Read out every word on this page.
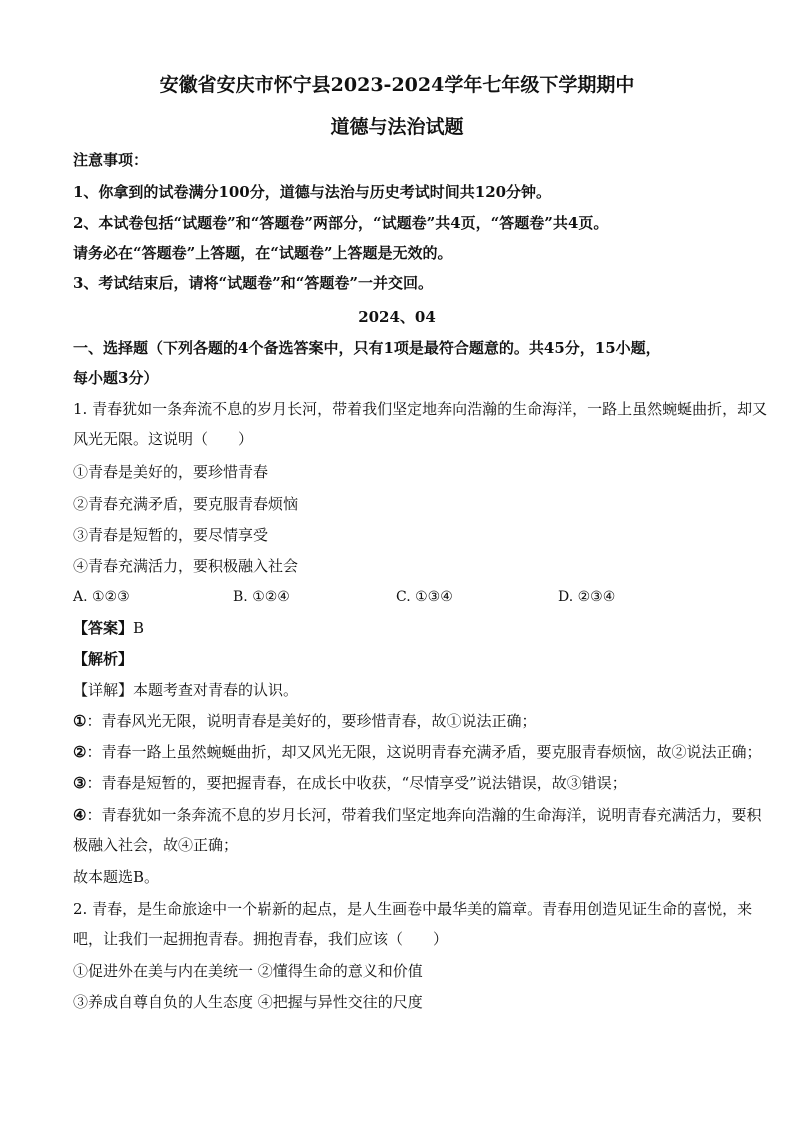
安徽省安庆市怀宁县2023-2024学年七年级下学期期中
道德与法治试题
注意事项：
1、你拿到的试卷满分100分，道德与法治与历史考试时间共120分钟。
2、本试卷包括“试题卷”和“答题卷”两部分，“试题卷”共4页，“答题卷”共4页。
请务必在“答题卷”上答题，在“试题卷”上答题是无效的。
3、考试结束后，请将“试题卷”和“答题卷”一并交回。
2024、04
一、选择题（下列各题的4个备选答案中，只有1项是最符合题意的。共45分，15小题，
每小题3分）
1. 青春犹如一条奔流不息的岁月长河，带着我们坚定地奔向浩瀚的生命海洋，一路上虽然蜿蜒曲折，却又
风光无限。这说明（　　）
①青春是美好的，要珍惜青春
②青春充满矛盾，要克服青春烦恼
③青春是短暂的，要尽情享受
④青春充满活力，要积极融入社会
A. ①②③	B. ①②④	C. ①③④	D. ②③④
【答案】B
【解析】
【详解】本题考查对青春的认识。
①：青春风光无限，说明青春是美好的，要珍惜青春，故①说法正确；
②：青春一路上虽然蜿蜒曲折，却又风光无限，这说明青春充满矛盾，要克服青春烦恼，故②说法正确；
③：青春是短暂的，要把握青春，在成长中收获，“尽情享受”说法错误，故③错误；
④：青春犹如一条奔流不息的岁月长河，带着我们坚定地奔向浩瀚的生命海洋，说明青春充满活力，要积
极融入社会，故④正确；
故本题选B。
2. 青春，是生命旅途中一个崭新的起点，是人生画卷中最华美的篇章。青春用创造见证生命的喜悦，来
吧，让我们一起拥抱青春。拥抱青春，我们应该（　　）
①促进外在美与内在美统一 ②懂得生命的意义和价值
③养成自尊自负的人生态度 ④把握与异性交往的尺度
